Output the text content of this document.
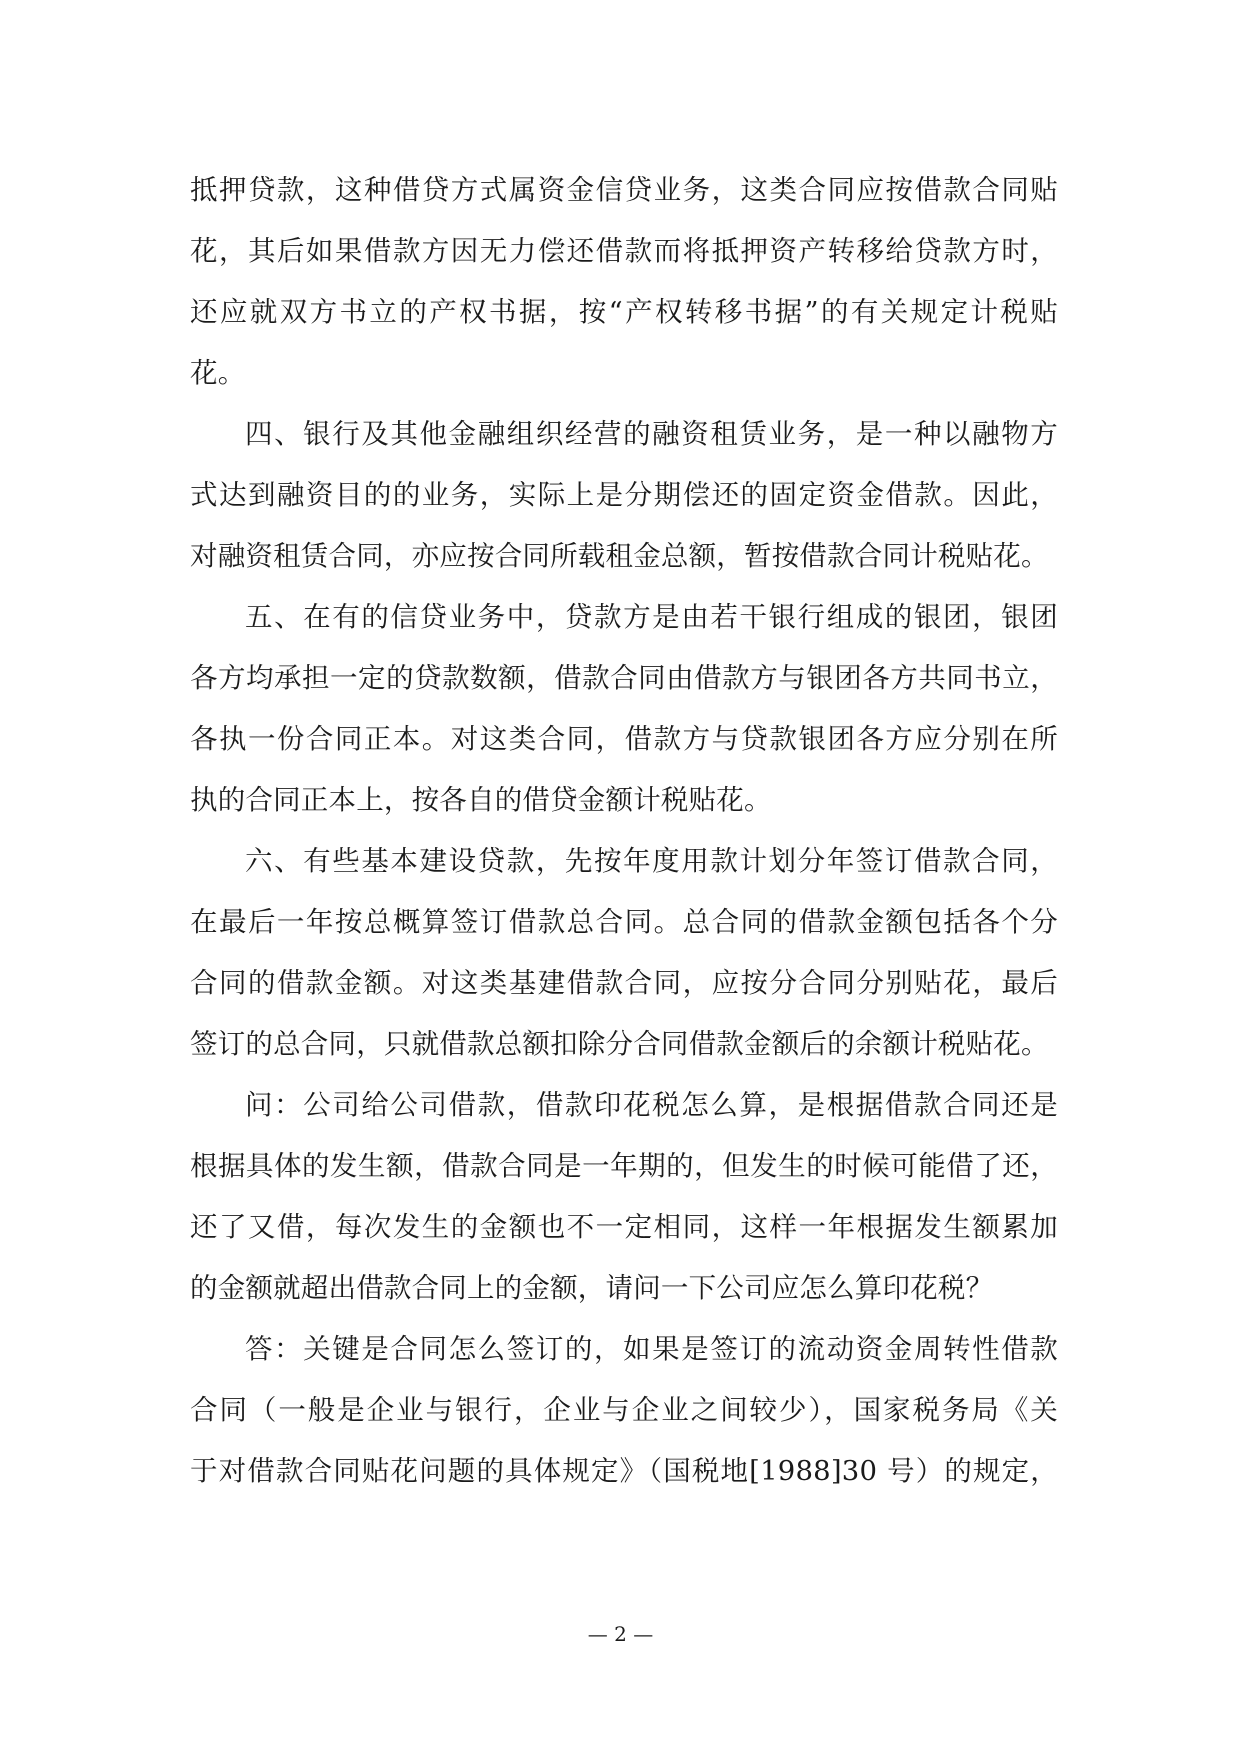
抵押贷款，这种借贷方式属资金信贷业务，这类合同应按借款合同贴
花，其后如果借款方因无力偿还借款而将抵押资产转移给贷款方时，
还应就双方书立的产权书据，按“产权转移书据”的有关规定计税贴
花。
四、银行及其他金融组织经营的融资租赁业务，是一种以融物方
式达到融资目的的业务，实际上是分期偿还的固定资金借款。因此，
对融资租赁合同，亦应按合同所载租金总额，暂按借款合同计税贴花。
五、在有的信贷业务中，贷款方是由若干银行组成的银团，银团
各方均承担一定的贷款数额，借款合同由借款方与银团各方共同书立，
各执一份合同正本。对这类合同，借款方与贷款银团各方应分别在所
执的合同正本上，按各自的借贷金额计税贴花。
六、有些基本建设贷款，先按年度用款计划分年签订借款合同，
在最后一年按总概算签订借款总合同。总合同的借款金额包括各个分
合同的借款金额。对这类基建借款合同，应按分合同分别贴花，最后
签订的总合同，只就借款总额扣除分合同借款金额后的余额计税贴花。
问：公司给公司借款，借款印花税怎么算，是根据借款合同还是
根据具体的发生额，借款合同是一年期的，但发生的时候可能借了还，
还了又借，每次发生的金额也不一定相同，这样一年根据发生额累加
的金额就超出借款合同上的金额，请问一下公司应怎么算印花税？
答：关键是合同怎么签订的，如果是签订的流动资金周转性借款
合同（一般是企业与银行，企业与企业之间较少），国家税务局《关
于对借款合同贴花问题的具体规定》（国税地[1988]30 号）的规定，
— 2 —
